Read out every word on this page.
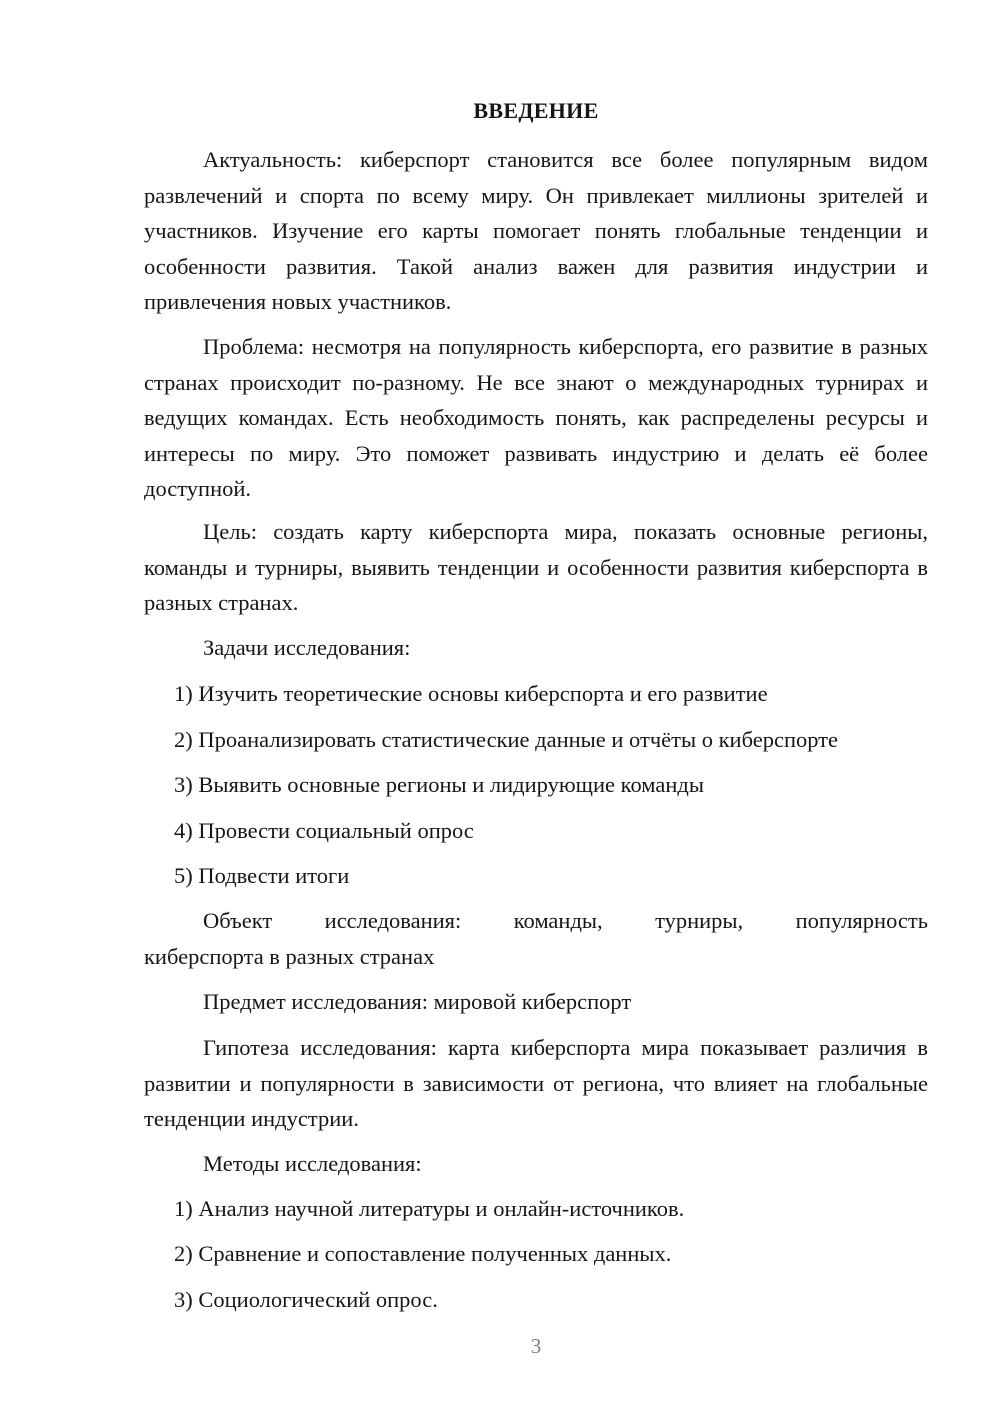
ВВЕДЕНИЕ

Актуальность: киберспорт становится все более популярным видом развлечений и спорта по всему миру. Он привлекает миллионы зрителей и участников. Изучение его карты помогает понять глобальные тенденции и особенности развития. Такой анализ важен для развития индустрии и привлечения новых участников.

Проблема: несмотря на популярность киберспорта, его развитие в разных странах происходит по-разному. Не все знают о международных турнирах и ведущих командах. Есть необходимость понять, как распределены ресурсы и интересы по миру. Это поможет развивать индустрию и делать её более доступной.

Цель: создать карту киберспорта мира, показать основные регионы, команды и турниры, выявить тенденции и особенности развития киберспорта в разных странах.

Задачи исследования:

1) Изучить теоретические основы киберспорта и его развитие

2) Проанализировать статистические данные и отчёты о киберспорте

3) Выявить основные регионы и лидирующие команды

4) Провести социальный опрос

5) Подвести итоги

Объект исследования: команды, турниры, популярность
киберспорта в разных странах

Предмет исследования: мировой киберспорт

Гипотеза исследования: карта киберспорта мира показывает различия в развитии и популярности в зависимости от региона, что влияет на глобальные тенденции индустрии.

Методы исследования:

1) Анализ научной литературы и онлайн-источников.

2) Сравнение и сопоставление полученных данных.

3) Социологический опрос.

3
